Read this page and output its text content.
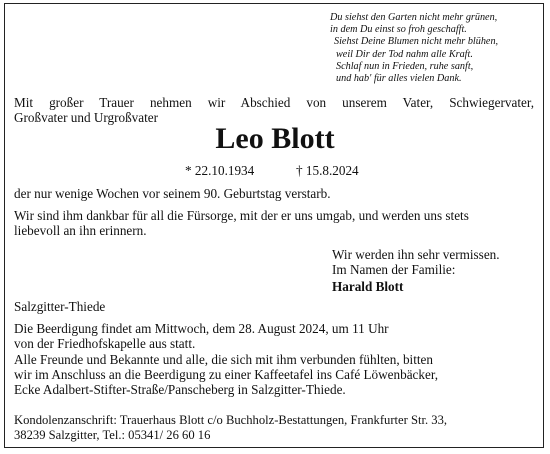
Du siehst den Garten nicht mehr grünen,
in dem Du einst so froh geschafft.
Siehst Deine Blumen nicht mehr blühen,
weil Dir der Tod nahm alle Kraft.
Schlaf nun in Frieden, ruhe sanft,
und hab' für alles vielen Dank.
Mit großer Trauer nehmen wir Abschied von unserem Vater, Schwiegervater,
Großvater und Urgroßvater
Leo Blott
* 22.10.1934	† 15.8.2024
der nur wenige Wochen vor seinem 90. Geburtstag verstarb.
Wir sind ihm dankbar für all die Fürsorge, mit der er uns umgab, und werden uns stets
liebevoll an ihn erinnern.
Wir werden ihn sehr vermissen.
Im Namen der Familie:
Harald Blott
Salzgitter-Thiede
Die Beerdigung findet am Mittwoch, dem 28. August 2024, um 11 Uhr
von der Friedhofskapelle aus statt.
Alle Freunde und Bekannte und alle, die sich mit ihm verbunden fühlten, bitten
wir im Anschluss an die Beerdigung zu einer Kaffeetafel ins Café Löwenbäcker,
Ecke Adalbert-Stifter-Straße/Panscheberg in Salzgitter-Thiede.
Kondolenzanschrift: Trauerhaus Blott c/o Buchholz-Bestattungen, Frankfurter Str. 33,
38239 Salzgitter, Tel.: 05341/ 26 60 16
